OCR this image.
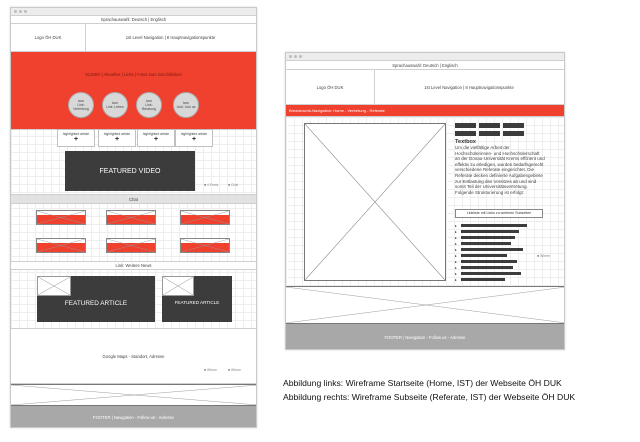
Sprachauswahl: Deutsch | Englisch
Logo ÖH DUK	1st Level Navigation | 8 Hauptnavigationspunkte
SLIDER | Aktuelles | Links | Fotos zum Durchklicken
Icon
Link: Vertretung
Icon
Link: Leben
Icon
Link: Beratung
Icon
Link: Join us
highlighted article
+
highlighted article
+
highlighted article
+
highlighted article
+
FEATURED VIDEO
■ 4 Posts	■ Chat
Chat
Link: Weitere News
FEATURED ARTICLE	FEATURED ARTICLE
Google Maps - Standort, Adresse
■ Where	■ Where
FOOTER | Navigation - Follow us - Adresse
Sprachauswahl: Deutsch | Englisch
Logo ÖH DUK	1st Level Navigation | 8 Hauptnavigationspunkte
Breadcrumb-Navigation: Home - Vertretung - Referate
Textbox
Um die vielfältige Arbeit der Hochschülerinnen- und Hochschülerschaft an der Donau-Universität Krems effizient und effektiv zu erledigen, wurden bedarfsgerecht verschiedene Referate eingerichtet. Die Referate decken definierte Aufgabengebiete zur Entlastung des Vorsitzes ab und sind somit Teil der Universitätsvertretung. Folgende Strukturierung ist erfolgt:
Linkliste mit Links zu weiteren Subseiten
▸
▸
▸
▸
▸
▸
▸
▸
▸
▸
■ Where
FOOTER | Navigation - Follow us - Adresse
Abbildung links: Wireframe Startseite (Home, IST) der Webseite ÖH DUK
Abbildung rechts: Wireframe Subseite (Referate, IST) der Webseite ÖH DUK
